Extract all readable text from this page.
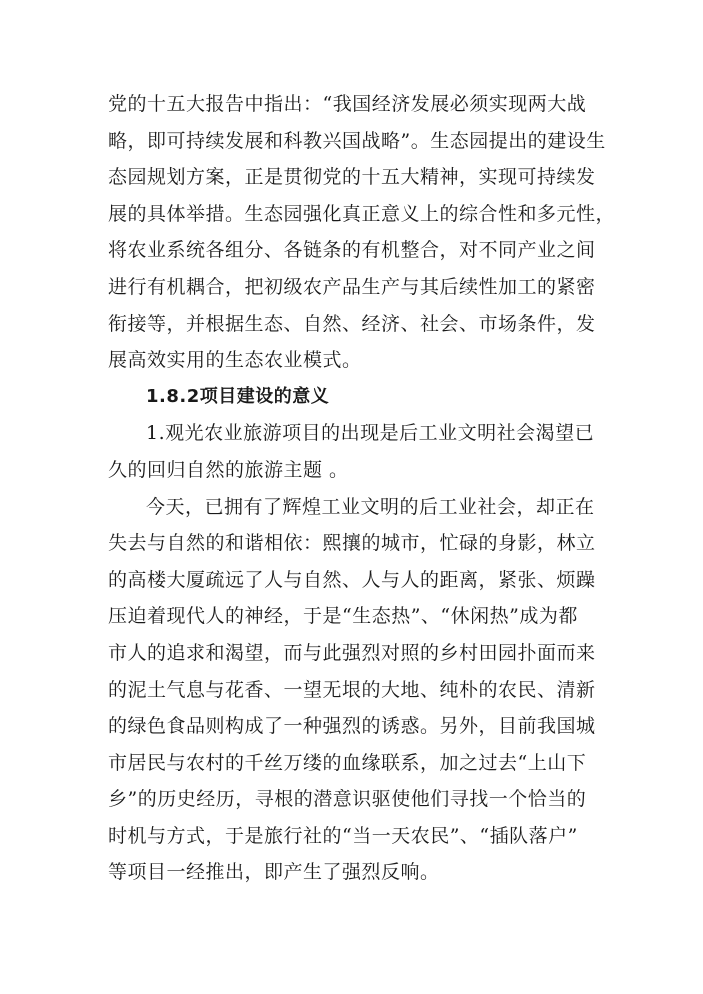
党的十五大报告中指出：“我国经济发展必须实现两大战
略，即可持续发展和科教兴国战略”。生态园提出的建设生
态园规划方案，正是贯彻党的十五大精神，实现可持续发
展的具体举措。生态园强化真正意义上的综合性和多元性，
将农业系统各组分、各链条的有机整合，对不同产业之间
进行有机耦合，把初级农产品生产与其后续性加工的紧密
衔接等，并根据生态、自然、经济、社会、市场条件，发
展高效实用的生态农业模式。
1.8.2项目建设的意义
1.观光农业旅游项目的出现是后工业文明社会渴望已
久的回归自然的旅游主题 。
今天，已拥有了辉煌工业文明的后工业社会，却正在
失去与自然的和谐相依：熙攘的城市，忙碌的身影，林立
的高楼大厦疏远了人与自然、人与人的距离，紧张、烦躁
压迫着现代人的神经，于是“生态热”、“休闲热”成为都
市人的追求和渴望，而与此强烈对照的乡村田园扑面而来
的泥土气息与花香、一望无垠的大地、纯朴的农民、清新
的绿色食品则构成了一种强烈的诱惑。另外，目前我国城
市居民与农村的千丝万缕的血缘联系，加之过去“上山下
乡”的历史经历，寻根的潜意识驱使他们寻找一个恰当的
时机与方式，于是旅行社的“当一天农民”、“插队落户”
等项目一经推出，即产生了强烈反响。
